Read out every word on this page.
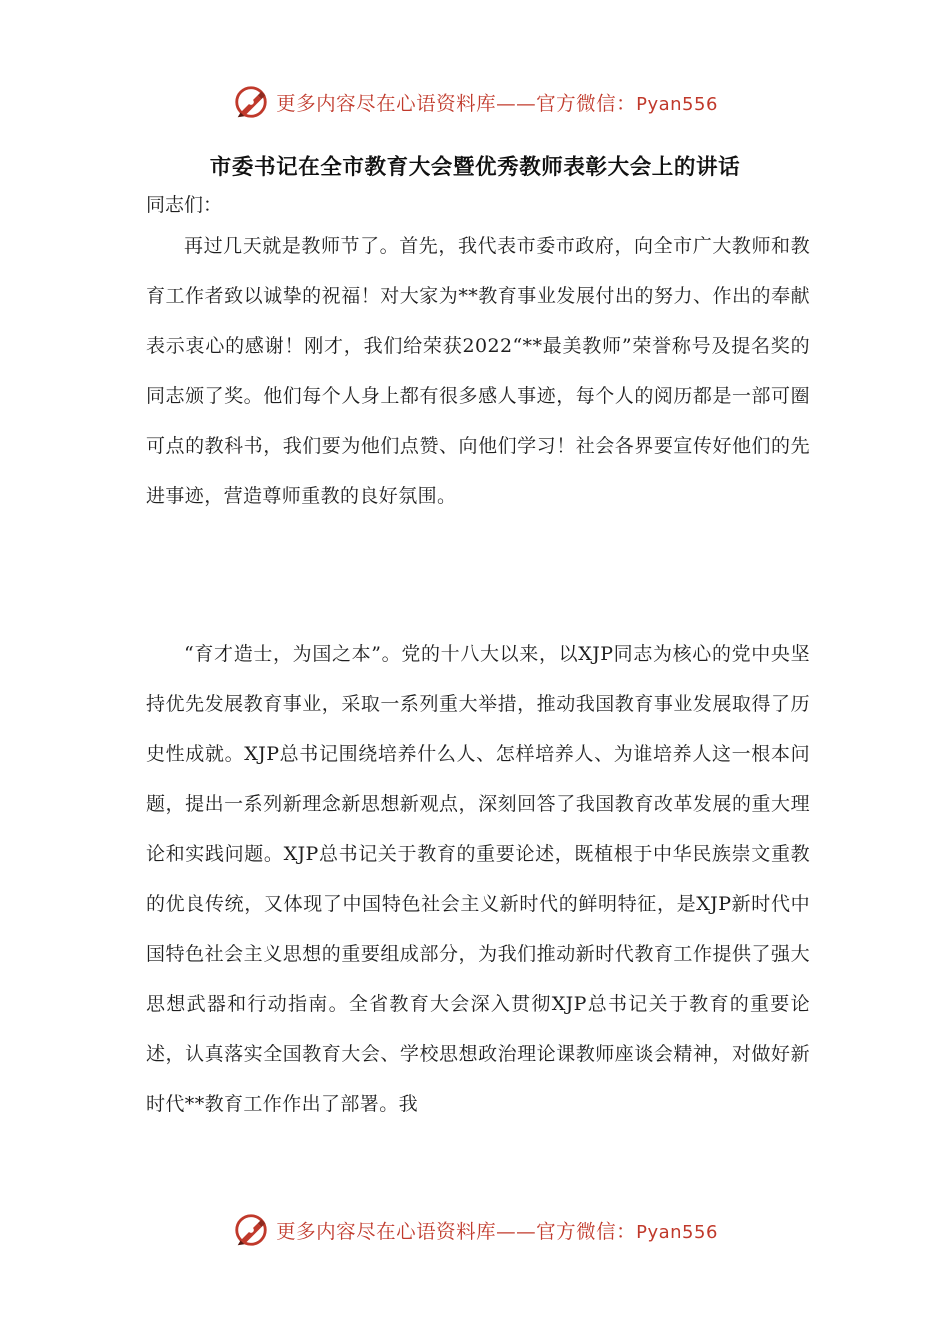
更多内容尽在心语资料库——官方微信：Pyan556
市委书记在全市教育大会暨优秀教师表彰大会上的讲话

同志们：

再过几天就是教师节了。首先，我代表市委市政府，向全市广大教师和教育工作者致以诚挚的祝福！对大家为**教育事业发展付出的努力、作出的奉献表示衷心的感谢！刚才，我们给荣获2022“**最美教师”荣誉称号及提名奖的同志颁了奖。他们每个人身上都有很多感人事迹，每个人的阅历都是一部可圈可点的教科书，我们要为他们点赞、向他们学习！社会各界要宣传好他们的先进事迹，营造尊师重教的良好氛围。

“育才造士，为国之本”。党的十八大以来，以XJP同志为核心的党中央坚持优先发展教育事业，采取一系列重大举措，推动我国教育事业发展取得了历史性成就。XJP总书记围绕培养什么人、怎样培养人、为谁培养人这一根本问题，提出一系列新理念新思想新观点，深刻回答了我国教育改革发展的重大理论和实践问题。XJP总书记关于教育的重要论述，既植根于中华民族崇文重教的优良传统，又体现了中国特色社会主义新时代的鲜明特征，是XJP新时代中国特色社会主义思想的重要组成部分，为我们推动新时代教育工作提供了强大思想武器和行动指南。全省教育大会深入贯彻XJP总书记关于教育的重要论述，认真落实全国教育大会、学校思想政治理论课教师座谈会精神，对做好新时代**教育工作作出了部署。我

更多内容尽在心语资料库——官方微信：Pyan556
